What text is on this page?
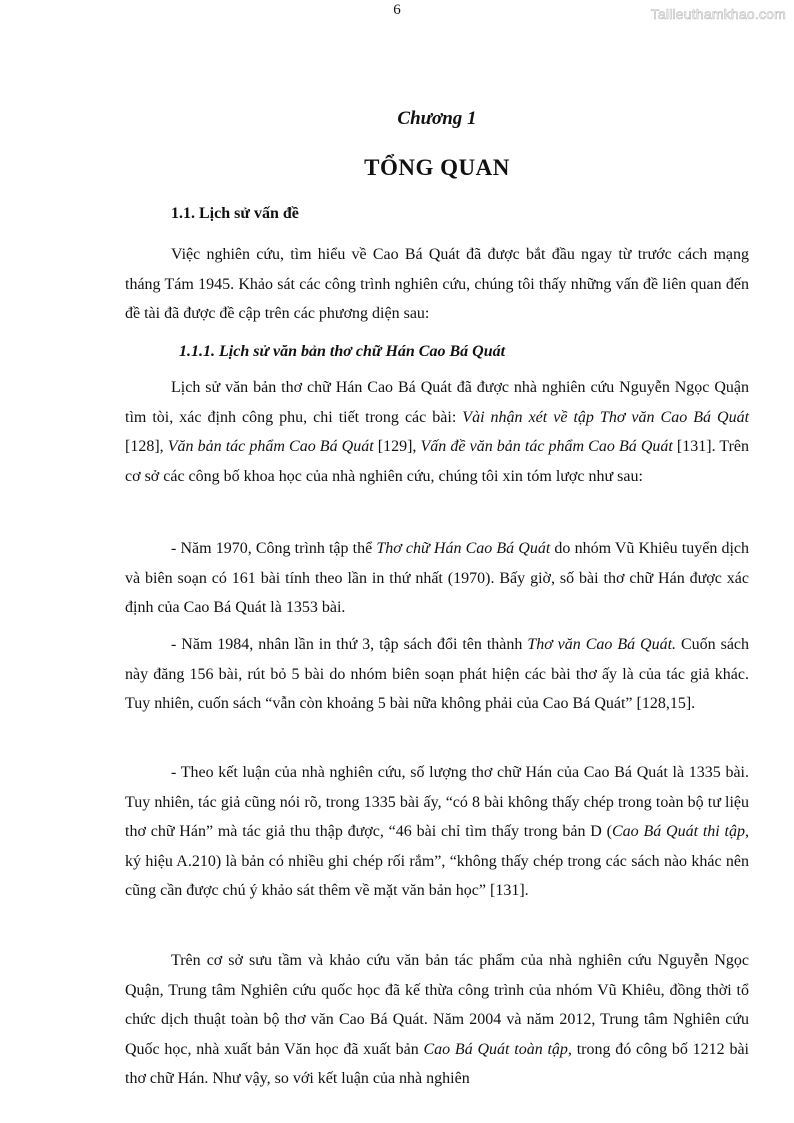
6	Tailieuthamkhao.com
Chương 1
TỔNG QUAN
1.1. Lịch sử vấn đề

Việc nghiên cứu, tìm hiểu về Cao Bá Quát đã được bắt đầu ngay từ trước cách mạng tháng Tám 1945. Khảo sát các công trình nghiên cứu, chúng tôi thấy những vấn đề liên quan đến đề tài đã được đề cập trên các phương diện sau:

1.1.1. Lịch sử văn bản thơ chữ Hán Cao Bá Quát

Lịch sử văn bản thơ chữ Hán Cao Bá Quát đã được nhà nghiên cứu Nguyễn Ngọc Quận tìm tòi, xác định công phu, chi tiết trong các bài: Vài nhận xét về tập Thơ văn Cao Bá Quát [128], Văn bản tác phẩm Cao Bá Quát [129], Vấn đề văn bản tác phẩm Cao Bá Quát [131]. Trên cơ sở các công bố khoa học của nhà nghiên cứu, chúng tôi xin tóm lược như sau:

- Năm 1970, Công trình tập thể Thơ chữ Hán Cao Bá Quát do nhóm Vũ Khiêu tuyển dịch và biên soạn có 161 bài tính theo lần in thứ nhất (1970). Bấy giờ, số bài thơ chữ Hán được xác định của Cao Bá Quát là 1353 bài.

- Năm 1984, nhân lần in thứ 3, tập sách đổi tên thành Thơ văn Cao Bá Quát. Cuốn sách này đăng 156 bài, rút bỏ 5 bài do nhóm biên soạn phát hiện các bài thơ ấy là của tác giả khác. Tuy nhiên, cuốn sách “vẫn còn khoảng 5 bài nữa không phải của Cao Bá Quát” [128,15].

- Theo kết luận của nhà nghiên cứu, số lượng thơ chữ Hán của Cao Bá Quát là 1335 bài. Tuy nhiên, tác giả cũng nói rõ, trong 1335 bài ấy, “có 8 bài không thấy chép trong toàn bộ tư liệu thơ chữ Hán” mà tác giả thu thập được, “46 bài chỉ tìm thấy trong bản D (Cao Bá Quát thi tập, ký hiệu A.210) là bản có nhiều ghi chép rối rắm”, “không thấy chép trong các sách nào khác nên cũng cần được chú ý khảo sát thêm về mặt văn bản học” [131].

Trên cơ sở sưu tầm và khảo cứu văn bản tác phẩm của nhà nghiên cứu Nguyễn Ngọc Quận, Trung tâm Nghiên cứu quốc học đã kế thừa công trình của nhóm Vũ Khiêu, đồng thời tổ chức dịch thuật toàn bộ thơ văn Cao Bá Quát. Năm 2004 và năm 2012, Trung tâm Nghiên cứu Quốc học, nhà xuất bản Văn học đã xuất bản Cao Bá Quát toàn tập, trong đó công bố 1212 bài thơ chữ Hán. Như vậy, so với kết luận của nhà nghiên
